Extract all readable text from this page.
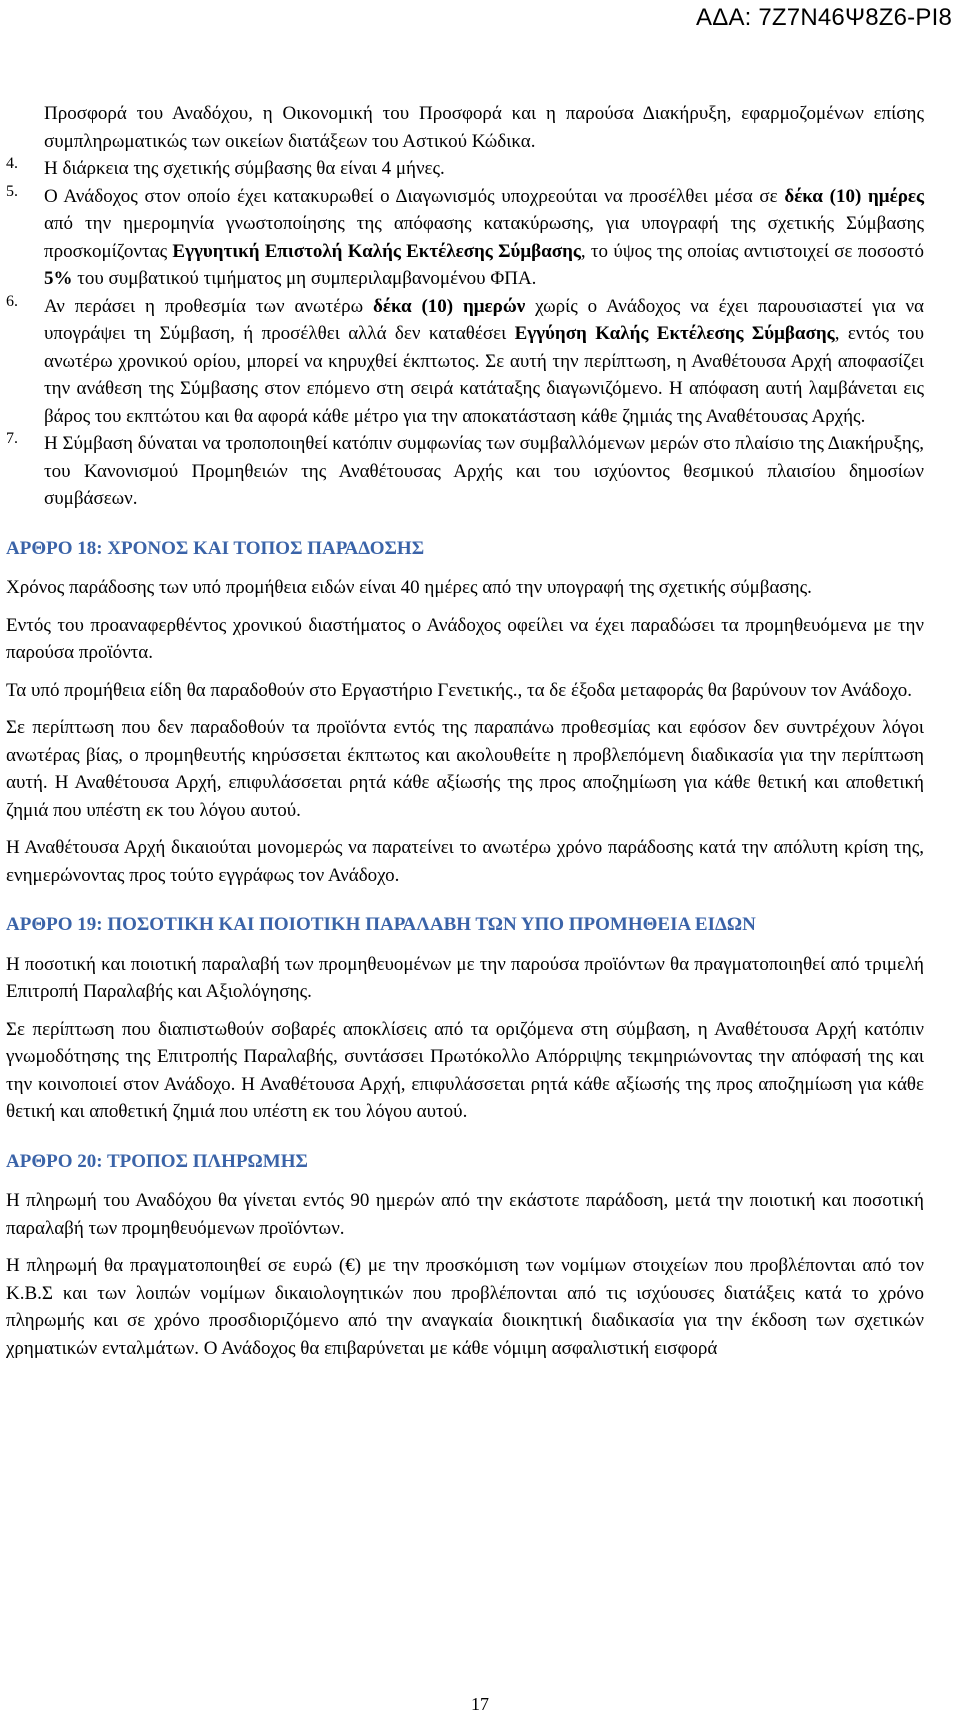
ΑΔΑ: 7Ζ7Ν46Ψ8Ζ6-ΡΙ8

Προσφορά του Αναδόχου, η Οικονομική του Προσφορά και η παρούσα Διακήρυξη, εφαρμοζομένων επίσης συμπληρωματικώς των οικείων διατάξεων του Αστικού Κώδικα.

4. Η διάρκεια της σχετικής σύμβασης θα είναι 4 μήνες.

5. Ο Ανάδοχος στον οποίο έχει κατακυρωθεί ο Διαγωνισμός υποχρεούται να προσέλθει μέσα σε δέκα (10) ημέρες από την ημερομηνία γνωστοποίησης της απόφασης κατακύρωσης, για υπογραφή της σχετικής Σύμβασης προσκομίζοντας Εγγυητική Επιστολή Καλής Εκτέλεσης Σύμβασης, το ύψος της οποίας αντιστοιχεί σε ποσοστό 5% του συμβατικού τιμήματος μη συμπεριλαμβανομένου ΦΠΑ.

6. Αν περάσει η προθεσμία των ανωτέρω δέκα (10) ημερών χωρίς ο Ανάδοχος να έχει παρουσιαστεί για να υπογράψει τη Σύμβαση, ή προσέλθει αλλά δεν καταθέσει Εγγύηση Καλής Εκτέλεσης Σύμβασης, εντός του ανωτέρω χρονικού ορίου, μπορεί να κηρυχθεί έκπτωτος. Σε αυτή την περίπτωση, η Αναθέτουσα Αρχή αποφασίζει την ανάθεση της Σύμβασης στον επόμενο στη σειρά κατάταξης διαγωνιζόμενο. Η απόφαση αυτή λαμβάνεται εις βάρος του εκπτώτου και θα αφορά κάθε μέτρο για την αποκατάσταση κάθε ζημιάς της Αναθέτουσας Αρχής.

7. Η Σύμβαση δύναται να τροποποιηθεί κατόπιν συμφωνίας των συμβαλλόμενων μερών στο πλαίσιο της Διακήρυξης, του Κανονισμού Προμηθειών της Αναθέτουσας Αρχής και του ισχύοντος θεσμικού πλαισίου δημοσίων συμβάσεων.

ΑΡΘΡΟ 18: ΧΡΟΝΟΣ ΚΑΙ ΤΟΠΟΣ ΠΑΡΑΔΟΣΗΣ

Χρόνος παράδοσης των υπό προμήθεια ειδών είναι 40 ημέρες από την υπογραφή της σχετικής σύμβασης.

Εντός του προαναφερθέντος χρονικού διαστήματος ο Ανάδοχος οφείλει να έχει παραδώσει τα προμηθευόμενα με την παρούσα προϊόντα.

Τα υπό προμήθεια είδη θα παραδοθούν στο Εργαστήριο Γενετικής., τα δε έξοδα μεταφοράς θα βαρύνουν τον Ανάδοχο.

Σε περίπτωση που δεν παραδοθούν τα προϊόντα εντός της παραπάνω προθεσμίας και εφόσον δεν συντρέχουν λόγοι ανωτέρας βίας, ο προμηθευτής κηρύσσεται έκπτωτος και ακολουθείτε η προβλεπόμενη διαδικασία για την περίπτωση αυτή. Η Αναθέτουσα Αρχή, επιφυλάσσεται ρητά κάθε αξίωσής της προς αποζημίωση για κάθε θετική και αποθετική ζημιά που υπέστη εκ του λόγου αυτού.

Η Αναθέτουσα Αρχή δικαιούται μονομερώς να παρατείνει το ανωτέρω χρόνο παράδοσης κατά την απόλυτη κρίση της, ενημερώνοντας προς τούτο εγγράφως τον Ανάδοχο.

ΑΡΘΡΟ 19: ΠΟΣΟΤΙΚΗ ΚΑΙ ΠΟΙΟΤΙΚΗ ΠΑΡΑΛΑΒΗ ΤΩΝ ΥΠΟ ΠΡΟΜΗΘΕΙΑ ΕΙΔΩΝ

Η ποσοτική και ποιοτική παραλαβή των προμηθευομένων με την παρούσα προϊόντων θα πραγματοποιηθεί από τριμελή Επιτροπή Παραλαβής και Αξιολόγησης.

Σε περίπτωση που διαπιστωθούν σοβαρές αποκλίσεις από τα οριζόμενα στη σύμβαση, η Αναθέτουσα Αρχή κατόπιν γνωμοδότησης της Επιτροπής Παραλαβής, συντάσσει Πρωτόκολλο Απόρριψης τεκμηριώνοντας την απόφασή της και την κοινοποιεί στον Ανάδοχο. Η Αναθέτουσα Αρχή, επιφυλάσσεται ρητά κάθε αξίωσής της προς αποζημίωση για κάθε θετική και αποθετική ζημιά που υπέστη εκ του λόγου αυτού.

ΑΡΘΡΟ 20: ΤΡΟΠΟΣ ΠΛΗΡΩΜΗΣ

Η πληρωμή του Αναδόχου θα γίνεται εντός 90 ημερών από την εκάστοτε παράδοση, μετά την ποιοτική και ποσοτική παραλαβή των προμηθευόμενων προϊόντων.

Η πληρωμή θα πραγματοποιηθεί σε ευρώ (€) με την προσκόμιση των νομίμων στοιχείων που προβλέπονται από τον Κ.Β.Σ και των λοιπών νομίμων δικαιολογητικών που προβλέπονται από τις ισχύουσες διατάξεις κατά το χρόνο πληρωμής και σε χρόνο προσδιοριζόμενο από την αναγκαία διοικητική διαδικασία για την έκδοση των σχετικών χρηματικών ενταλμάτων. Ο Ανάδοχος θα επιβαρύνεται με κάθε νόμιμη ασφαλιστική εισφορά

17
